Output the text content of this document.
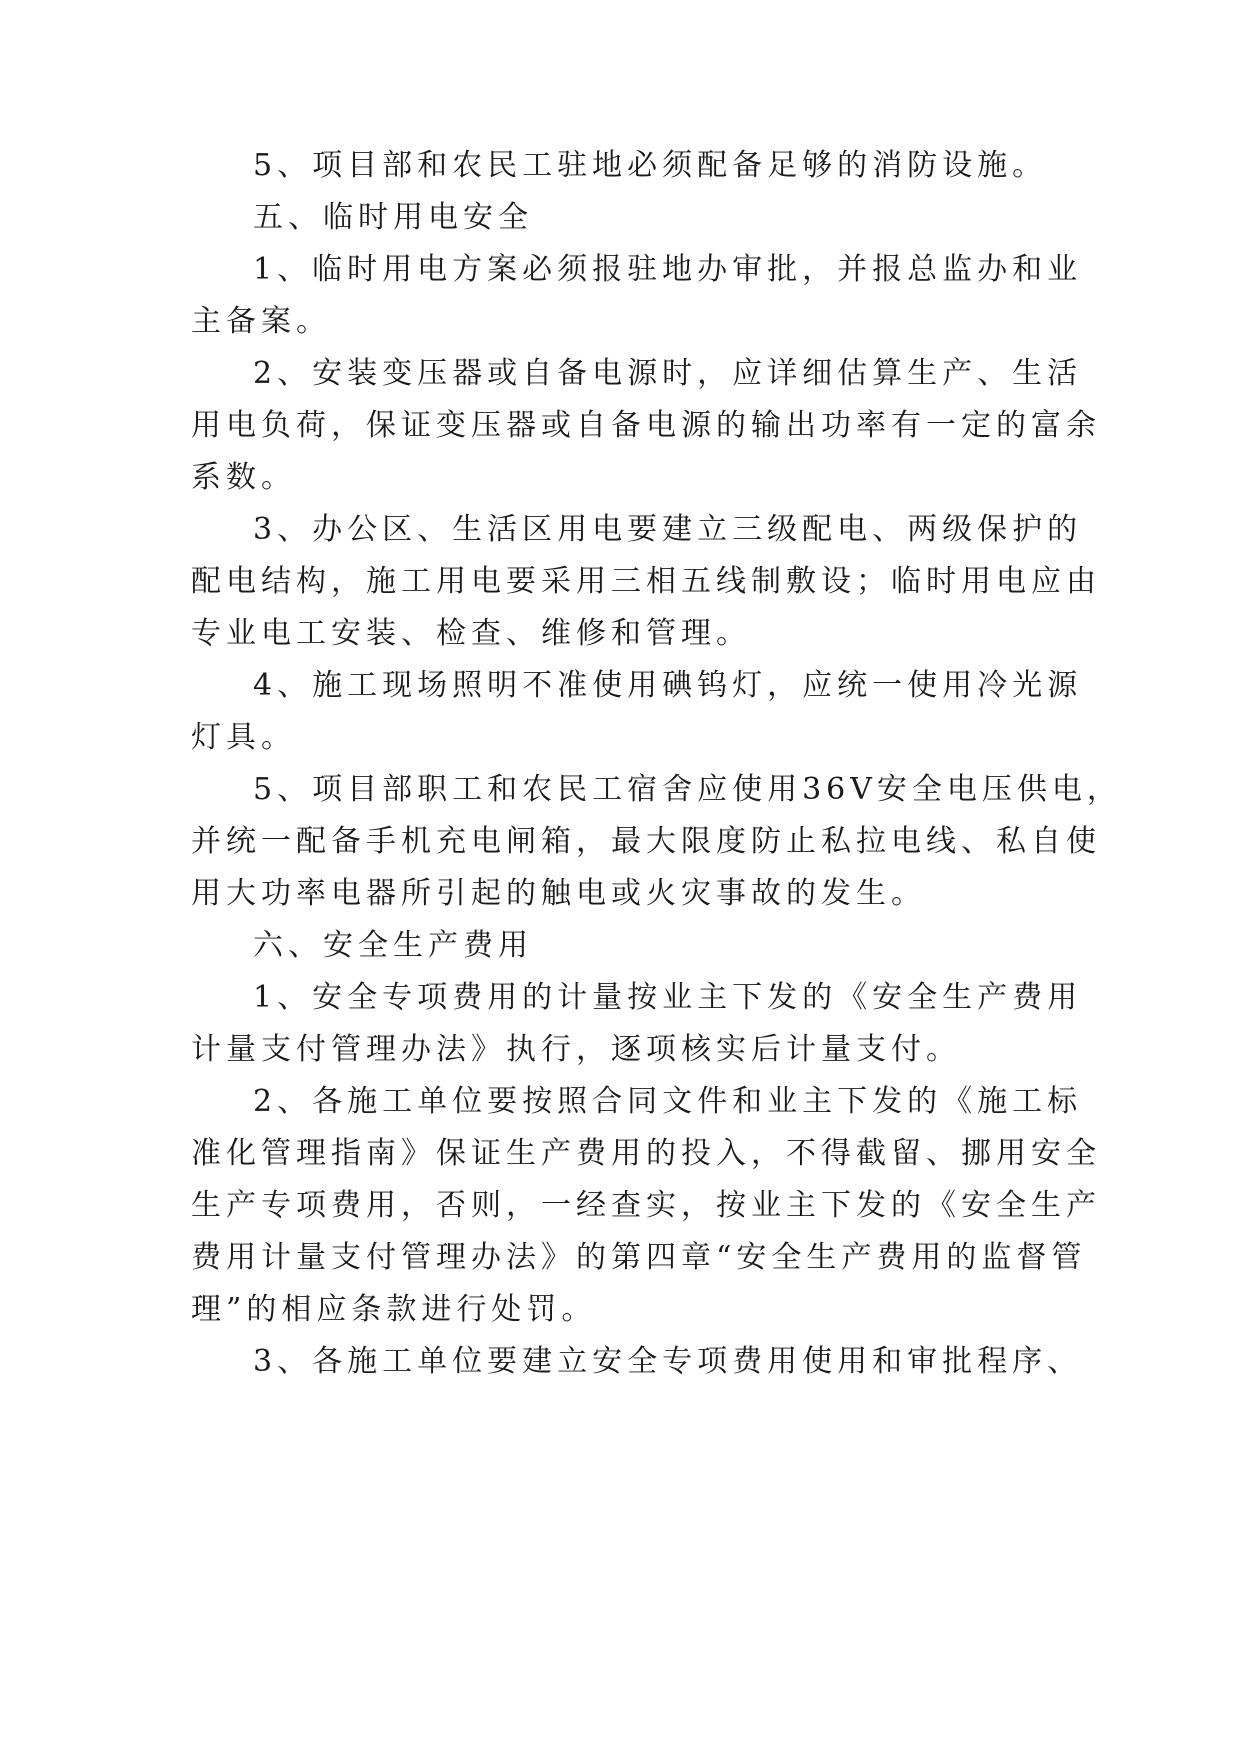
5、项目部和农民工驻地必须配备足够的消防设施。
五、临时用电安全
1、临时用电方案必须报驻地办审批，并报总监办和业
主备案。
2、安装变压器或自备电源时，应详细估算生产、生活
用电负荷，保证变压器或自备电源的输出功率有一定的富余
系数。
3、办公区、生活区用电要建立三级配电、两级保护的
配电结构，施工用电要采用三相五线制敷设；临时用电应由
专业电工安装、检查、维修和管理。
4、施工现场照明不准使用碘钨灯，应统一使用冷光源
灯具。
5、项目部职工和农民工宿舍应使用36V安全电压供电，
并统一配备手机充电闸箱，最大限度防止私拉电线、私自使
用大功率电器所引起的触电或火灾事故的发生。
六、安全生产费用
1、安全专项费用的计量按业主下发的《安全生产费用
计量支付管理办法》执行，逐项核实后计量支付。
2、各施工单位要按照合同文件和业主下发的《施工标
准化管理指南》保证生产费用的投入，不得截留、挪用安全
生产专项费用，否则，一经查实，按业主下发的《安全生产
费用计量支付管理办法》的第四章“安全生产费用的监督管
理”的相应条款进行处罚。
3、各施工单位要建立安全专项费用使用和审批程序、
